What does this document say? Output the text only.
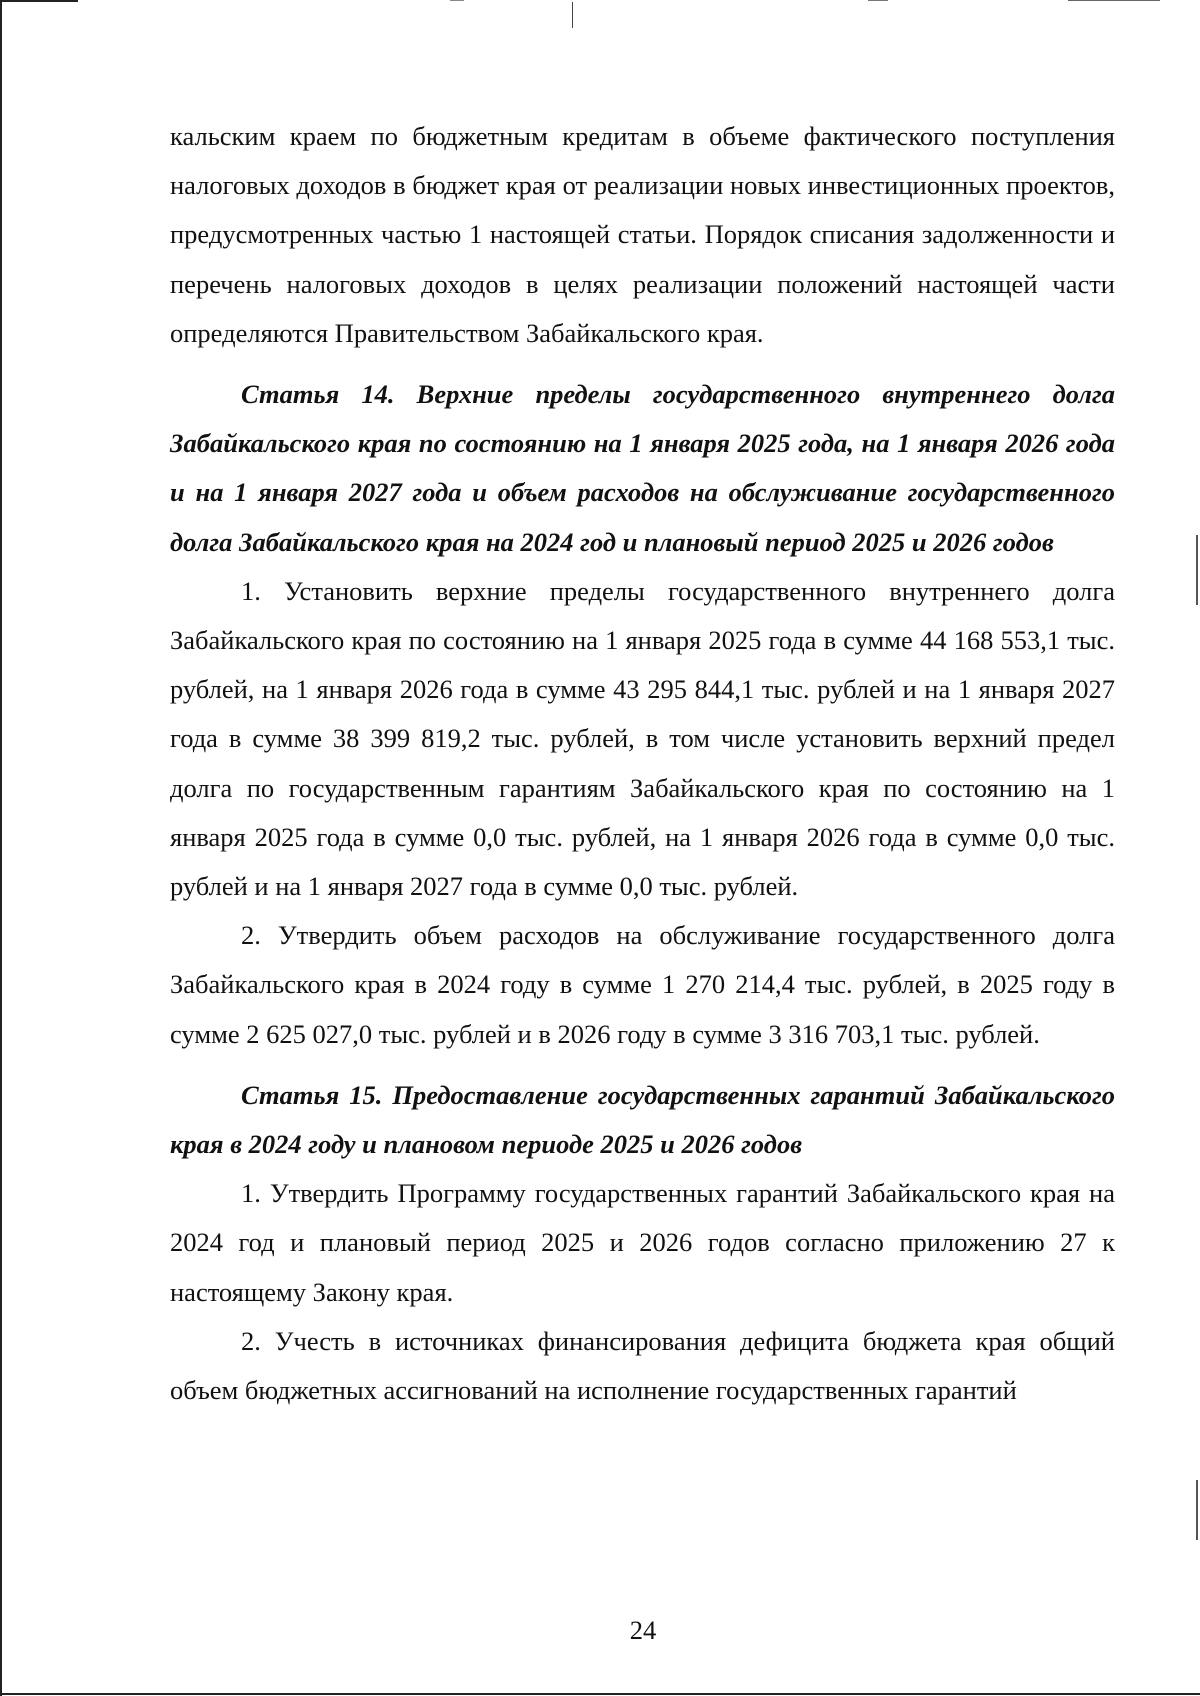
кальским краем по бюджетным кредитам в объеме фактического поступления налоговых доходов в бюджет края от реализации новых инвестиционных проектов, предусмотренных частью 1 настоящей статьи. Порядок списания задолженности и перечень налоговых доходов в целях реализации положений настоящей части определяются Правительством Забайкальского края.

Статья 14. Верхние пределы государственного внутреннего долга Забайкальского края по состоянию на 1 января 2025 года, на 1 января 2026 года и на 1 января 2027 года и объем расходов на обслуживание государственного долга Забайкальского края на 2024 год и плановый период 2025 и 2026 годов

1. Установить верхние пределы государственного внутреннего долга Забайкальского края по состоянию на 1 января 2025 года в сумме 44 168 553,1 тыс. рублей, на 1 января 2026 года в сумме 43 295 844,1 тыс. рублей и на 1 января 2027 года в сумме 38 399 819,2 тыс. рублей, в том числе установить верхний предел долга по государственным гарантиям Забайкальского края по состоянию на 1 января 2025 года в сумме 0,0 тыс. рублей, на 1 января 2026 года в сумме 0,0 тыс. рублей и на 1 января 2027 года в сумме 0,0 тыс. рублей.

2. Утвердить объем расходов на обслуживание государственного долга Забайкальского края в 2024 году в сумме 1 270 214,4 тыс. рублей, в 2025 году в сумме 2 625 027,0 тыс. рублей и в 2026 году в сумме 3 316 703,1 тыс. рублей.

Статья 15. Предоставление государственных гарантий Забайкальского края в 2024 году и плановом периоде 2025 и 2026 годов

1. Утвердить Программу государственных гарантий Забайкальского края на 2024 год и плановый период 2025 и 2026 годов согласно приложению 27 к настоящему Закону края.

2. Учесть в источниках финансирования дефицита бюджета края общий объем бюджетных ассигнований на исполнение государственных гарантий

24
